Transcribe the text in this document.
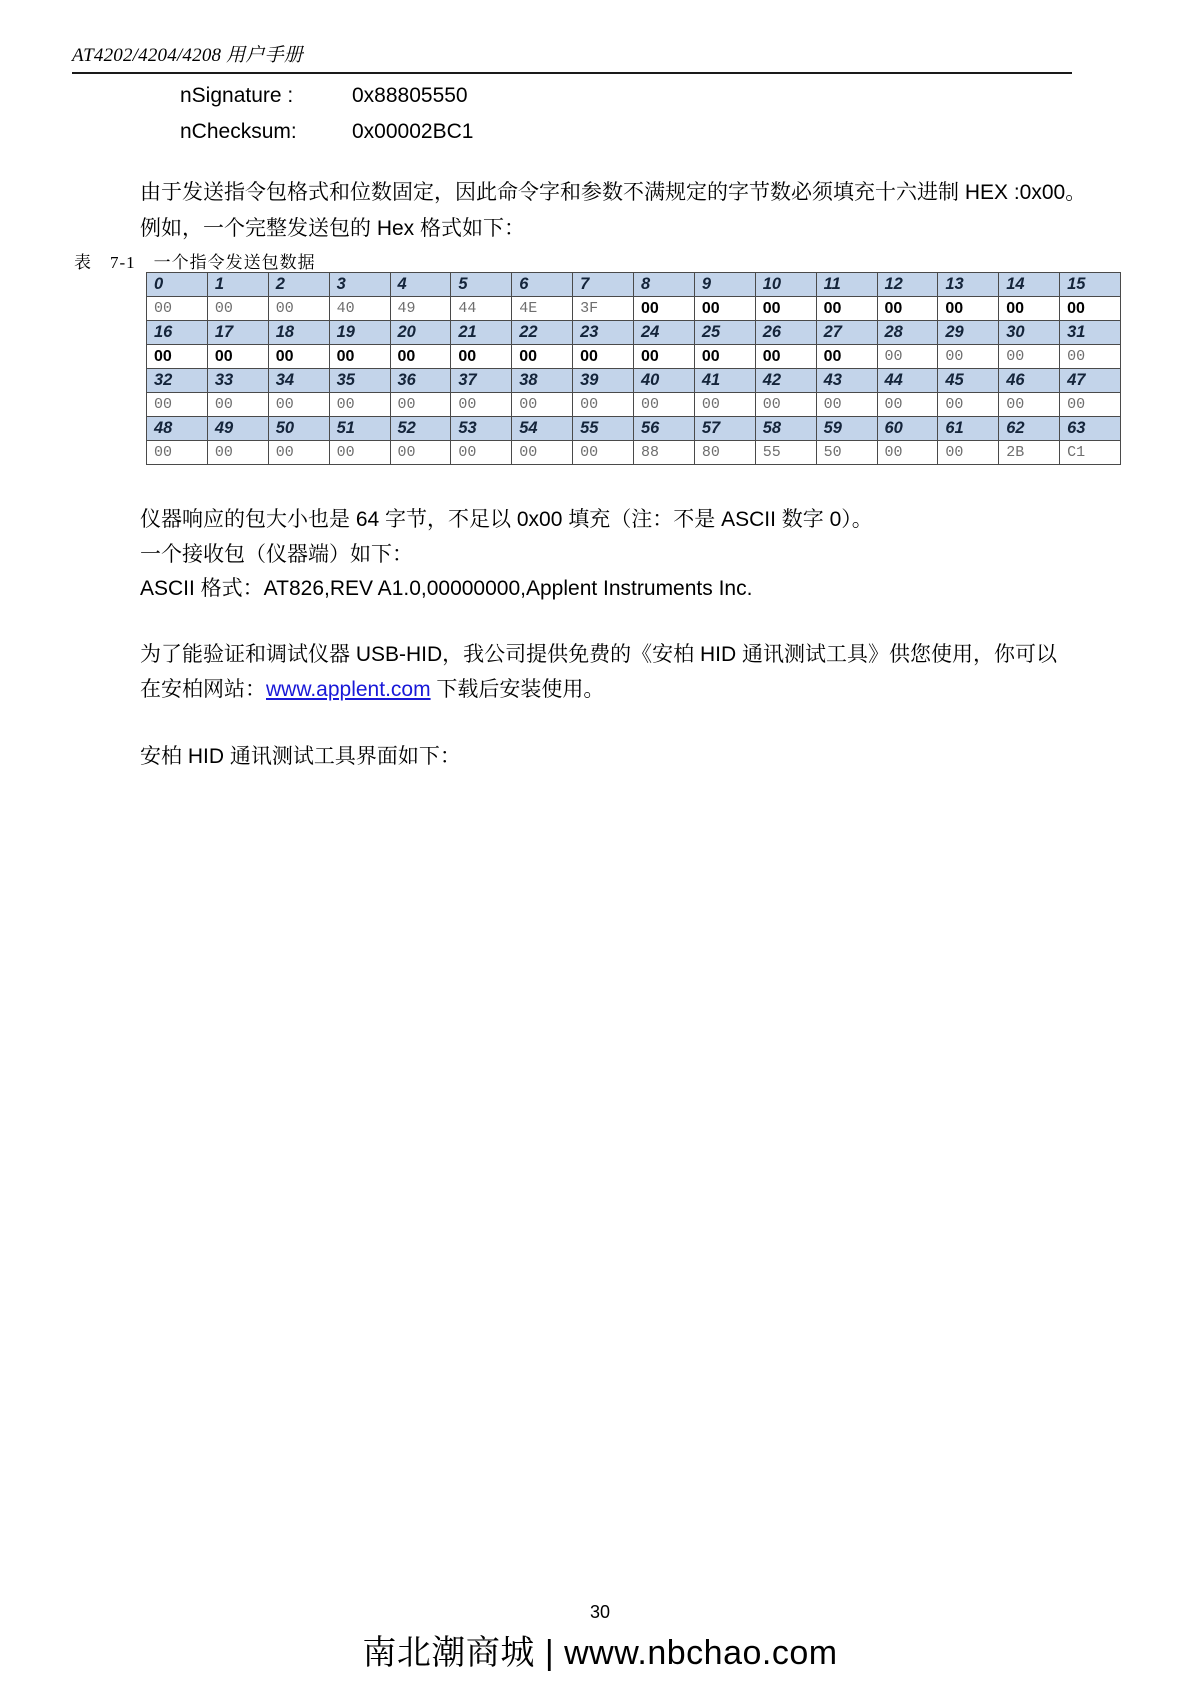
AT4202/4204/4208 用户手册
nSignature :	0x88805550
nChecksum:	0x00002BC1
由于发送指令包格式和位数固定，因此命令字和参数不满规定的字节数必须填充十六进制 HEX :0x00。
例如，一个完整发送包的 Hex 格式如下：
表 7-1 一个指令发送包数据
0	1	2	3	4	5	6	7	8	9	10	11	12	13	14	15
00	00	00	40	49	44	4E	3F	00	00	00	00	00	00	00	00
16	17	18	19	20	21	22	23	24	25	26	27	28	29	30	31
00	00	00	00	00	00	00	00	00	00	00	00	00	00	00	00
32	33	34	35	36	37	38	39	40	41	42	43	44	45	46	47
00	00	00	00	00	00	00	00	00	00	00	00	00	00	00	00
48	49	50	51	52	53	54	55	56	57	58	59	60	61	62	63
00	00	00	00	00	00	00	00	88	80	55	50	00	00	2B	C1
仪器响应的包大小也是 64 字节，不足以 0x00 填充（注：不是 ASCII 数字 0）。
一个接收包（仪器端）如下：
ASCII 格式：AT826,REV A1.0,00000000,Applent Instruments Inc.
为了能验证和调试仪器 USB-HID，我公司提供免费的《安柏 HID 通讯测试工具》供您使用，你可以
在安柏网站：www.applent.com 下载后安装使用。
安柏 HID 通讯测试工具界面如下：
30
南北潮商城 | www.nbchao.com
